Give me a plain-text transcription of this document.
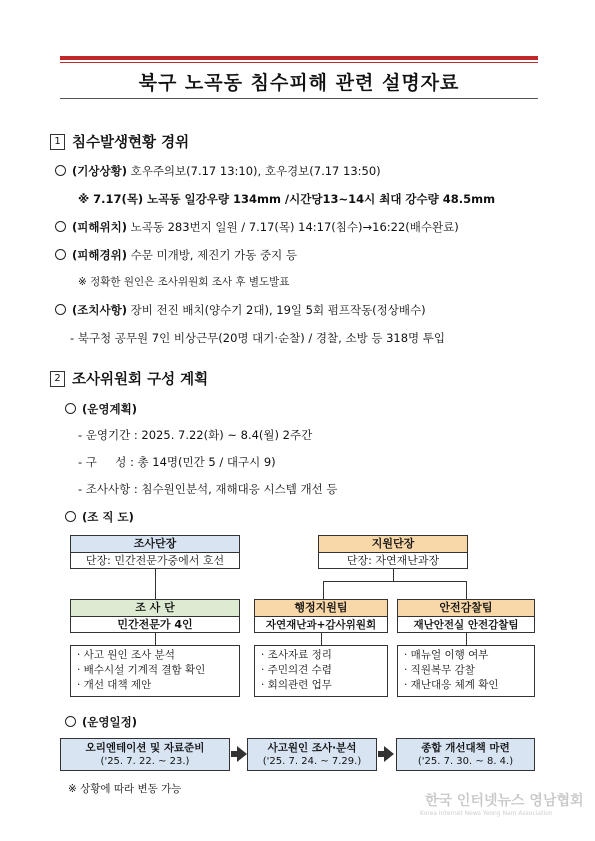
북구 노곡동 침수피해 관련 설명자료
1 침수발생현황 경위
(기상상황) 호우주의보(7.17 13:10), 호우경보(7.17 13:50)
※ 7.17(목) 노곡동 일강우량 134mm /시간당13~14시 최대 강수량 48.5mm
(피해위치) 노곡동 283번지 일원 / 7.17(목) 14:17(침수)→16:22(배수완료)
(피해경위) 수문 미개방, 제진기 가동 중지 등
※ 정확한 원인은 조사위원회 조사 후 별도발표
(조치사항) 장비 전진 배치(양수기 2대), 19일 5회 펌프작동(정상배수)
- 북구청 공무원 7인 비상근무(20명 대기·순찰) / 경찰, 소방 등 318명 투입
2 조사위원회 구성 계획
(운영계획)
- 운영기간 : 2025. 7.22(화) ~ 8.4(월) 2주간
- 구     성 : 총 14명(민간 5 / 대구시 9)
- 조사사항 : 침수원인분석, 재해대응 시스템 개선 등
(조 직 도)
조사단장
단장: 민간전문가중에서 호선
지원단장
단장: 자연재난과장
조 사 단
민간전문가 4인
행정지원팀
자연재난과+감사위원회
안전감찰팀
재난안전실 안전감찰팀
· 사고 원인 조사 분석
· 배수시설 기계적 결함 확인
· 개선 대책 제안
· 조사자료 정리
· 주민의견 수렴
· 회의관련 업무
· 매뉴얼 이행 여부
· 직원복무 감찰
· 재난대응 체계 확인
(운영일정)
오리엔테이션 및 자료준비
('25. 7. 22. ~ 23.)
사고원인 조사·분석
('25. 7. 24. ~ 7.29.)
종합 개선대책 마련
('25. 7. 30. ~ 8. 4.)
※ 상황에 따라 변동 가능
한국 인터넷뉴스 영남협회
Korea Internet News Yeong Nam Association
